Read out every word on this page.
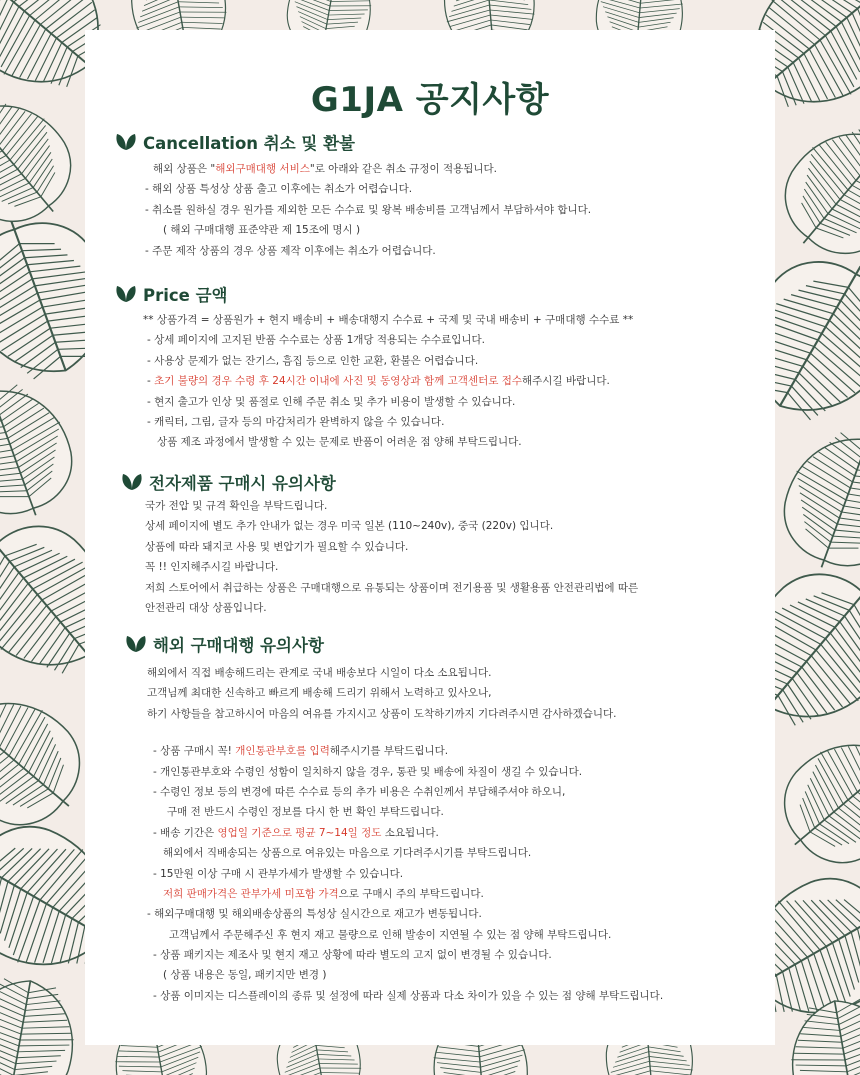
G1JA 공지사항
Cancellation 취소 및 환불
해외 상품은 "해외구매대행 서비스"로 아래와 같은 취소 규정이 적용됩니다.
- 해외 상품 특성상 상품 출고 이후에는 취소가 어렵습니다.
- 취소를 원하실 경우 원가를 제외한 모든 수수료 및 왕복 배송비를 고객님께서 부담하셔야 합니다.
( 해외 구매대행 표준약관 제 15조에 명시 )
- 주문 제작 상품의 경우 상품 제작 이후에는 취소가 어렵습니다.
Price 금액
** 상품가격 = 상품원가 + 현지 배송비 + 배송대행지 수수료 + 국제 및 국내 배송비 + 구매대행 수수료 **
- 상세 페이지에 고지된 반품 수수료는 상품 1개당 적용되는 수수료입니다.
- 사용상 문제가 없는 잔기스, 흠집 등으로 인한 교환, 환불은 어렵습니다.
- 초기 불량의 경우 수령 후 24시간 이내에 사진 및 동영상과 함께 고객센터로 접수해주시길 바랍니다.
- 현지 출고가 인상 및 품절로 인해 주문 취소 및 추가 비용이 발생할 수 있습니다.
- 캐릭터, 그림, 글자 등의 마감처리가 완벽하지 않을 수 있습니다.
상품 제조 과정에서 발생할 수 있는 문제로 반품이 어려운 점 양해 부탁드립니다.
전자제품 구매시 유의사항
국가 전압 및 규격 확인을 부탁드립니다.
상세 페이지에 별도 추가 안내가 없는 경우 미국 일본 (110~240v), 중국 (220v) 입니다.
상품에 따라 돼지코 사용 및 변압기가 필요할 수 있습니다.
꼭 !! 인지해주시길 바랍니다.
저희 스토어에서 취급하는 상품은 구매대행으로 유통되는 상품이며 전기용품 및 생활용품 안전관리법에 따른
안전관리 대상 상품입니다.
해외 구매대행 유의사항
해외에서 직접 배송해드리는 관계로 국내 배송보다 시일이 다소 소요됩니다.
고객님께 최대한 신속하고 빠르게 배송해 드리기 위해서 노력하고 있사오나,
하기 사항들을 참고하시어 마음의 여유를 가지시고 상품이 도착하기까지 기다려주시면 감사하겠습니다.
- 상품 구매시 꼭! 개인통관부호를 입력해주시기를 부탁드립니다.
- 개인통관부호와 수령인 성함이 일치하지 않을 경우, 통관 및 배송에 차질이 생길 수 있습니다.
- 수령인 정보 등의 변경에 따른 수수료 등의 추가 비용은 수취인께서 부담해주셔야 하오니,
구매 전 반드시 수령인 정보를 다시 한 번 확인 부탁드립니다.
- 배송 기간은 영업일 기준으로 평균 7~14일 정도 소요됩니다.
해외에서 직배송되는 상품으로 여유있는 마음으로 기다려주시기를 부탁드립니다.
- 15만원 이상 구매 시 관부가세가 발생할 수 있습니다.
저희 판매가격은 관부가세 미포함 가격으로 구매시 주의 부탁드립니다.
- 해외구매대행 및 해외배송상품의 특성상 실시간으로 재고가 변동됩니다.
고객님께서 주문해주신 후 현지 재고 물량으로 인해 발송이 지연될 수 있는 점 양해 부탁드립니다.
- 상품 패키지는 제조사 및 현지 재고 상황에 따라 별도의 고지 없이 변경될 수 있습니다.
( 상품 내용은 동일, 패키지만 변경 )
- 상품 이미지는 디스플레이의 종류 및 설정에 따라 실제 상품과 다소 차이가 있을 수 있는 점 양해 부탁드립니다.
